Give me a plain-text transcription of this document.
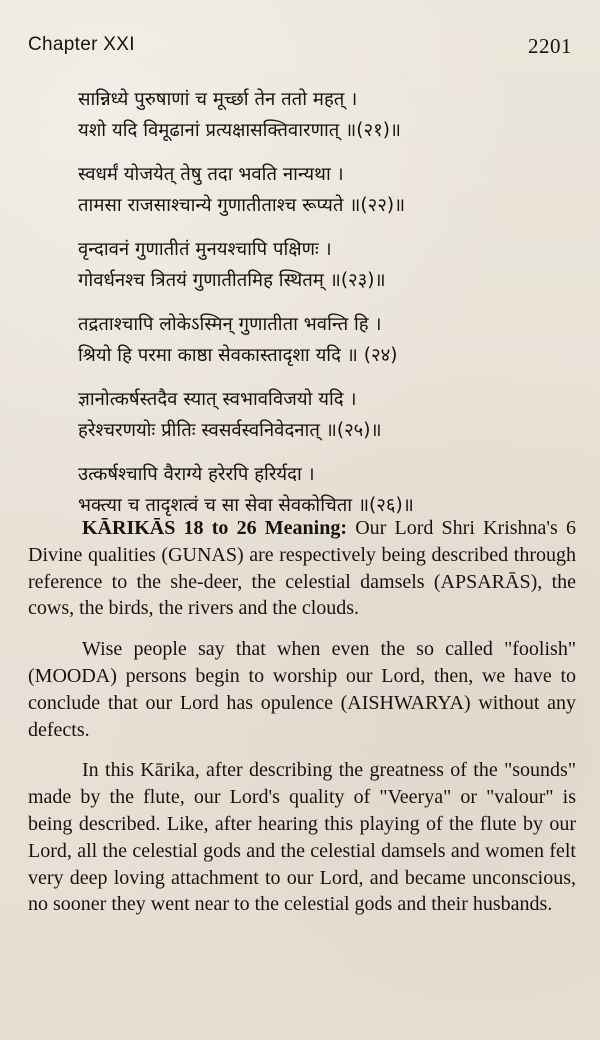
Chapter XXI	2201
सान्निध्ये पुरुषाणां च मूर्च्छा तेन ततो महत् ।
यशो यदि विमूढानां प्रत्यक्षासक्तिवारणात् ॥(२१)॥
स्वधर्मं योजयेत् तेषु तदा भवति नान्यथा ।
तामसा राजसाश्चान्ये गुणातीताश्च रूप्यते ॥(२२)॥
वृन्दावनं गुणातीतं मुनयश्चापि पक्षिणः ।
गोवर्धनश्च त्रितयं गुणातीतमिह स्थितम् ॥(२३)॥
तद्रताश्चापि लोकेऽस्मिन् गुणातीता भवन्ति हि ।
श्रियो हि परमा काष्ठा सेवकास्तादृशा यदि ॥ (२४)
ज्ञानोत्कर्षस्तदैव स्यात् स्वभावविजयो यदि ।
हरेश्चरणयोः प्रीतिः स्वसर्वस्वनिवेदनात् ॥(२५)॥
उत्कर्षश्चापि वैराग्ये हरेरपि हरिर्यदा ।
भक्त्या च तादृशत्वं च सा सेवा सेवकोचिता ॥(२६)॥

KĀRIKĀS 18 to 26 Meaning: Our Lord Shri Krishna's 6 Divine qualities (GUNAS) are respectively being described through reference to the she-deer, the celestial damsels (APSARĀS), the cows, the birds, the rivers and the clouds.

Wise people say that when even the so called "foolish" (MOODA) persons begin to worship our Lord, then, we have to conclude that our Lord has opulence (AISHWARYA) without any defects.

In this Kārika, after describing the greatness of the "sounds" made by the flute, our Lord's quality of "Veerya" or "valour" is being described. Like, after hearing this playing of the flute by our Lord, all the celestial gods and the celestial damsels and women felt very deep loving attachment to our Lord, and became unconscious, no sooner they went near to the celestial gods and their husbands.
